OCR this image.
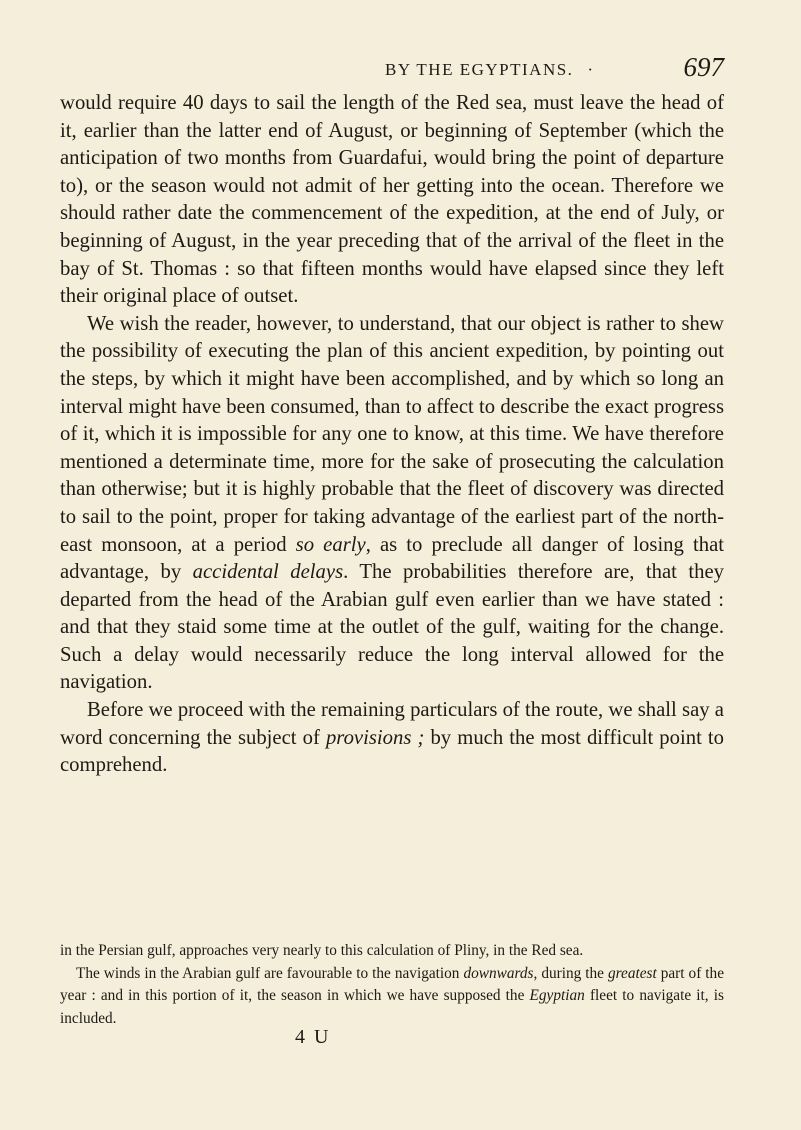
BY THE EGYPTIANS. ·	697

would require 40 days to sail the length of the Red sea, must leave the head of it, earlier than the latter end of August, or beginning of September (which the anticipation of two months from Guardafui, would bring the point of departure to), or the season would not admit of her getting into the ocean. Therefore we should rather date the commencement of the expedition, at the end of July, or beginning of August, in the year preceding that of the arrival of the fleet in the bay of St. Thomas : so that fifteen months would have elapsed since they left their original place of outset.

We wish the reader, however, to understand, that our object is rather to shew the possibility of executing the plan of this ancient expedition, by pointing out the steps, by which it might have been accomplished, and by which so long an interval might have been consumed, than to affect to describe the exact progress of it, which it is impossible for any one to know, at this time. We have therefore mentioned a determinate time, more for the sake of prosecuting the calculation than otherwise; but it is highly probable that the fleet of discovery was directed to sail to the point, proper for taking advantage of the earliest part of the north-east monsoon, at a period so early, as to preclude all danger of losing that advantage, by accidental delays. The probabilities therefore are, that they departed from the head of the Arabian gulf even earlier than we have stated : and that they staid some time at the outlet of the gulf, waiting for the change. Such a delay would necessarily reduce the long interval allowed for the navigation.

Before we proceed with the remaining particulars of the route, we shall say a word concerning the subject of provisions ; by much the most difficult point to comprehend.

in the Persian gulf, approaches very nearly to this calculation of Pliny, in the Red sea.

The winds in the Arabian gulf are favourable to the navigation downwards, during the greatest part of the year : and in this portion of it, the season in which we have supposed the Egyptian fleet to navigate it, is included.

4 U
